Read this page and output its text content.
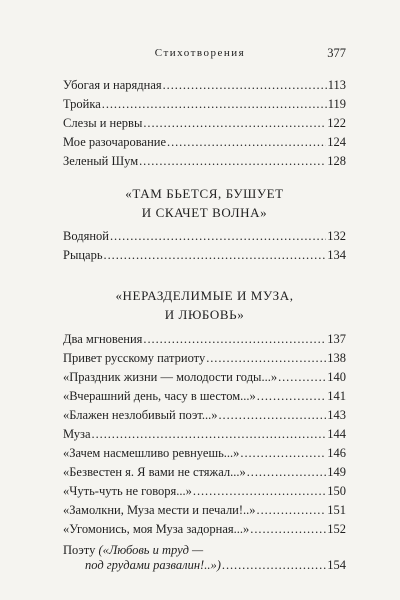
Стихотворения	377
Убогая и нарядная . . .	113
Тройка . . .	119
Слезы и нервы . . .	122
Мое разочарование . . .	124
Зеленый Шум . . .	128
«ТАМ БЬЕТСЯ, БУШУЕТ
И СКАЧЕТ ВОЛНА»
Водяной . . .	132
Рыцарь . . .	134
«НЕРАЗДЕЛИМЫЕ И МУЗА,
И ЛЮБОВЬ»
Два мгновения . . .	137
Привет русскому патриоту . . .	138
«Праздник жизни — молодости годы...» . . .	140
«Вчерашний день, часу в шестом...» . . .	141
«Блажен незлобивый поэт...» . . .	143
Муза . . .	144
«Зачем насмешливо ревнуешь...» . . .	146
«Безвестен я. Я вами не стяжал...» . . .	149
«Чуть-чуть не говоря...» . . .	150
«Замолкни, Муза мести и печали!..» . . .	151
«Угомонись, моя Муза задорная...» . . .	152
Поэту («Любовь и труд —
под грудами развалин!..») . . .	154
